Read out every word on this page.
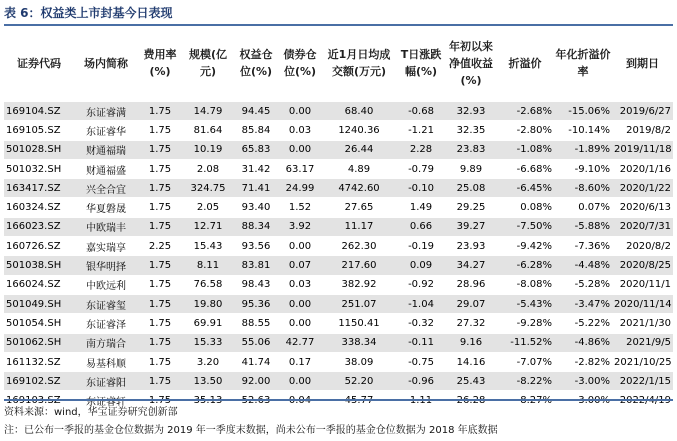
表 6：权益类上市封基今日表现
证券代码	场内简称	费用率(%)	规模(亿元)	权益仓位(%)	债券仓位(%)	近1月日均成交额(万元)	T日涨跌幅(%)	年初以来净值收益(%)	折溢价	年化折溢价率	到期日
169104.SZ	东证睿满	1.75	14.79	94.45	0.00	68.40	-0.68	32.93	-2.68%	-15.06%	2019/6/27
169105.SZ	东证睿华	1.75	81.64	85.84	0.03	1240.36	-1.21	32.35	-2.80%	-10.14%	2019/8/2
501028.SH	财通福瑞	1.75	10.19	65.83	0.00	26.44	2.28	23.83	-1.08%	-1.89%	2019/11/18
501032.SH	财通福盛	1.75	2.08	31.42	63.17	4.89	-0.79	9.89	-6.68%	-9.10%	2020/1/16
163417.SZ	兴全合宜	1.75	324.75	71.41	24.99	4742.60	-0.10	25.08	-6.45%	-8.60%	2020/1/22
160324.SZ	华夏磐晟	1.75	2.05	93.40	1.52	27.65	1.49	29.25	0.08%	0.07%	2020/6/13
166023.SZ	中欧瑞丰	1.75	12.71	88.34	3.92	11.17	0.66	39.27	-7.50%	-5.88%	2020/7/31
160726.SZ	嘉实瑞享	2.25	15.43	93.56	0.00	262.30	-0.19	23.93	-9.42%	-7.36%	2020/8/2
501038.SH	银华明择	1.75	8.11	83.81	0.07	217.60	0.09	34.27	-6.28%	-4.48%	2020/8/25
166024.SZ	中欧远利	1.75	76.58	98.43	0.03	382.92	-0.92	28.96	-8.08%	-5.28%	2020/11/1
501049.SH	东证睿玺	1.75	19.80	95.36	0.00	251.07	-1.04	29.07	-5.43%	-3.47%	2020/11/14
501054.SH	东证睿泽	1.75	69.91	88.55	0.00	1150.41	-0.32	27.32	-9.28%	-5.22%	2021/1/30
501062.SH	南方瑞合	1.75	15.33	55.06	42.77	338.34	-0.11	9.16	-11.52%	-4.86%	2021/9/5
161132.SZ	易基科顺	1.75	3.20	41.74	0.17	38.09	-0.75	14.16	-7.07%	-2.82%	2021/10/25
169102.SZ	东证睿阳	1.75	13.50	92.00	0.00	52.20	-0.96	25.43	-8.22%	-3.00%	2022/1/15
169103.SZ	东证睿轩	1.75	35.13	52.63	0.04	45.77	1.11	26.28	-8.27%	-3.00%	2022/4/19
资料来源：wind，华宝证券研究创新部
注：已公布一季报的基金仓位数据为 2019 年一季度末数据，尚未公布一季报的基金仓位数据为 2018 年底数据
